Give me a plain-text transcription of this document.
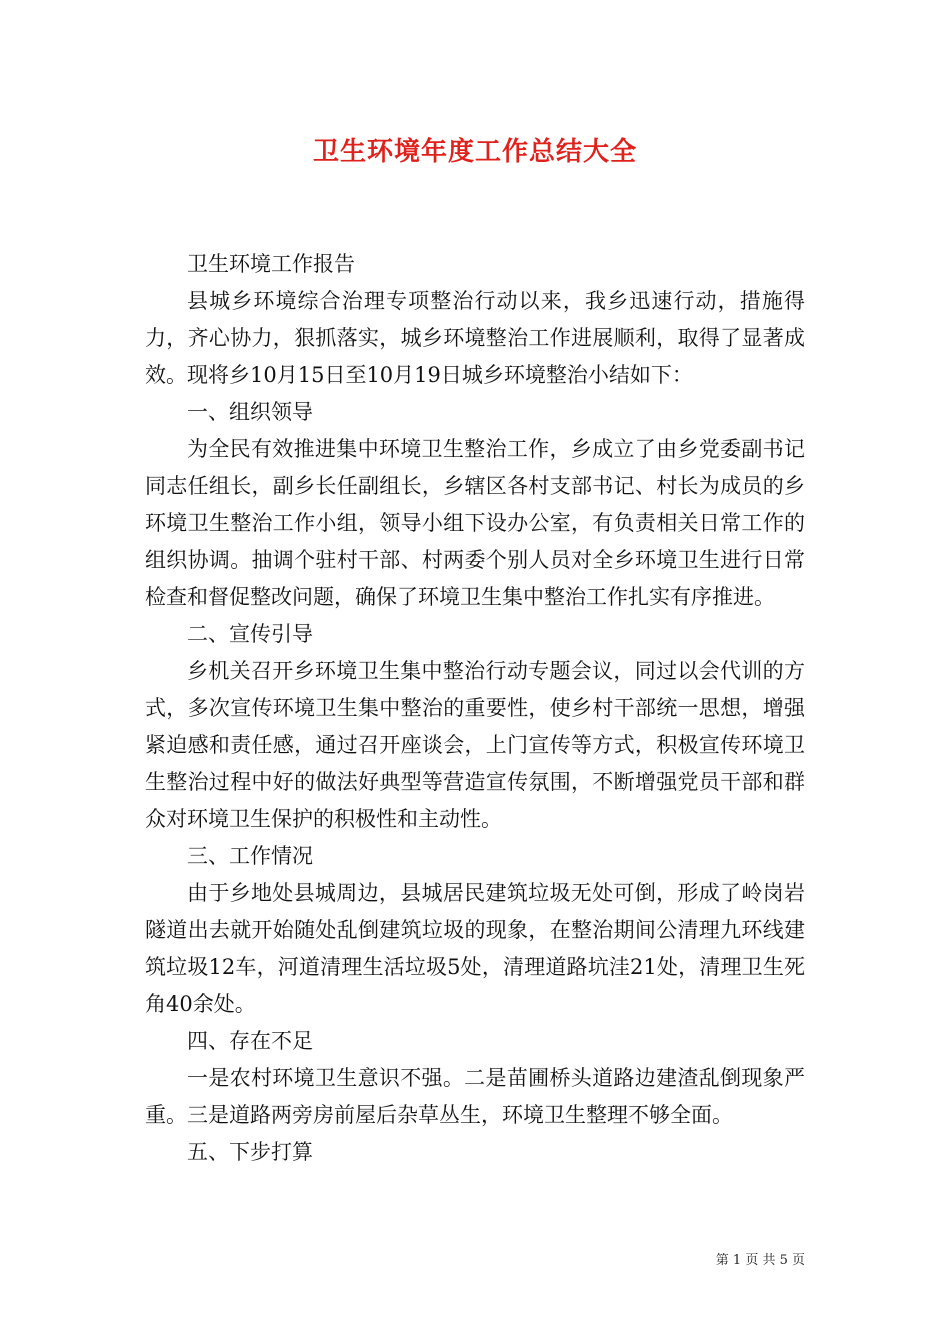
卫生环境年度工作总结大全

卫生环境工作报告

县城乡环境综合治理专项整治行动以来，我乡迅速行动，措施得力，齐心协力，狠抓落实，城乡环境整治工作进展顺利，取得了显著成效。现将乡10月15日至10月19日城乡环境整治小结如下：

一、组织领导

为全民有效推进集中环境卫生整治工作，乡成立了由乡党委副书记同志任组长，副乡长任副组长，乡辖区各村支部书记、村长为成员的乡环境卫生整治工作小组，领导小组下设办公室，有负责相关日常工作的组织协调。抽调个驻村干部、村两委个别人员对全乡环境卫生进行日常检查和督促整改问题，确保了环境卫生集中整治工作扎实有序推进。

二、宣传引导

乡机关召开乡环境卫生集中整治行动专题会议，同过以会代训的方式，多次宣传环境卫生集中整治的重要性，使乡村干部统一思想，增强紧迫感和责任感，通过召开座谈会，上门宣传等方式，积极宣传环境卫生整治过程中好的做法好典型等营造宣传氛围，不断增强党员干部和群众对环境卫生保护的积极性和主动性。

三、工作情况

由于乡地处县城周边，县城居民建筑垃圾无处可倒，形成了岭岗岩隧道出去就开始随处乱倒建筑垃圾的现象，在整治期间公清理九环线建筑垃圾12车，河道清理生活垃圾5处，清理道路坑洼21处，清理卫生死角40余处。

四、存在不足

一是农村环境卫生意识不强。二是苗圃桥头道路边建渣乱倒现象严重。三是道路两旁房前屋后杂草丛生，环境卫生整理不够全面。

五、下步打算

第 1 页 共 5 页
